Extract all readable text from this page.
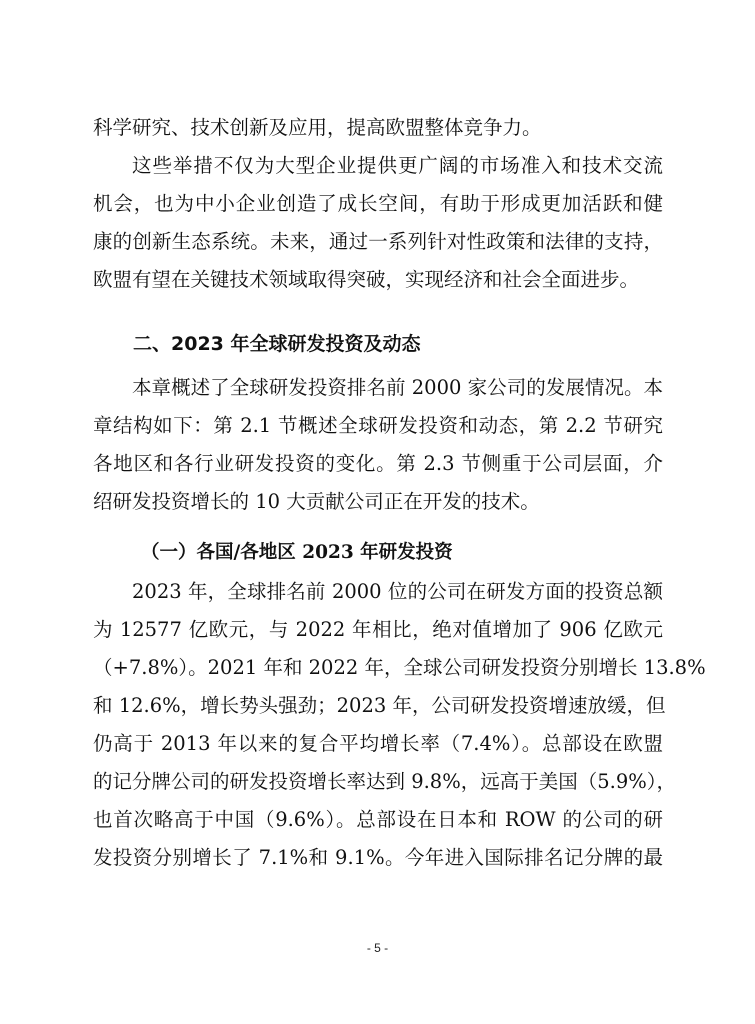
科学研究、技术创新及应用，提高欧盟整体竞争力。
这些举措不仅为大型企业提供更广阔的市场准入和技术交流
机会，也为中小企业创造了成长空间，有助于形成更加活跃和健
康的创新生态系统。未来，通过一系列针对性政策和法律的支持，
欧盟有望在关键技术领域取得突破，实现经济和社会全面进步。
二、2023 年全球研发投资及动态
本章概述了全球研发投资排名前 2000 家公司的发展情况。本
章结构如下：第 2.1 节概述全球研发投资和动态，第 2.2 节研究
各地区和各行业研发投资的变化。第 2.3 节侧重于公司层面，介
绍研发投资增长的 10 大贡献公司正在开发的技术。
（一）各国/各地区 2023 年研发投资
2023 年，全球排名前 2000 位的公司在研发方面的投资总额
为 12577 亿欧元，与 2022 年相比，绝对值增加了 906 亿欧元
（+7.8%）。2021 年和 2022 年，全球公司研发投资分别增长 13.8%
和 12.6%，增长势头强劲；2023 年，公司研发投资增速放缓，但
仍高于 2013 年以来的复合平均增长率（7.4%）。总部设在欧盟
的记分牌公司的研发投资增长率达到 9.8%，远高于美国（5.9%），
也首次略高于中国（9.6%）。总部设在日本和 ROW 的公司的研
发投资分别增长了 7.1%和 9.1%。今年进入国际排名记分牌的最
- 5 -
